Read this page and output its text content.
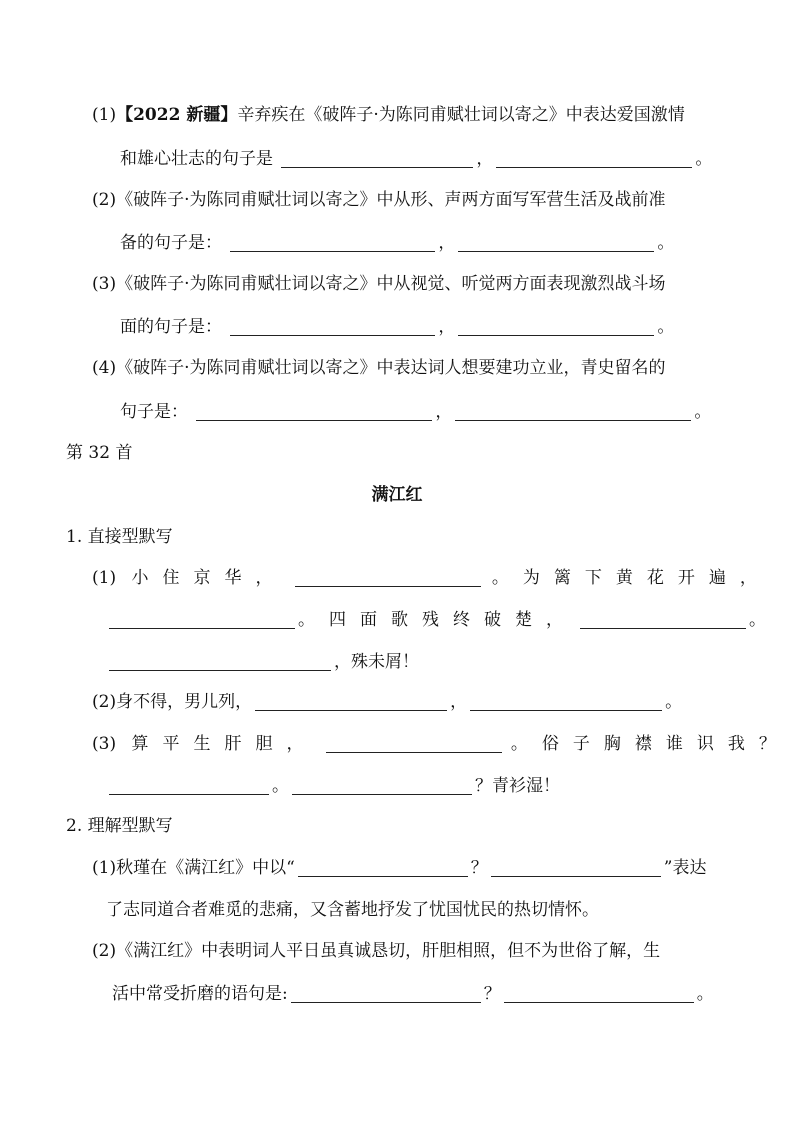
(1)【2022 新疆】辛弃疾在《破阵子·为陈同甫赋壮词以寄之》中表达爱国激情
和雄心壮志的句子是	，	。
(2)《破阵子·为陈同甫赋壮词以寄之》中从形、声两方面写军营生活及战前准
备的句子是：	，	。
(3)《破阵子·为陈同甫赋壮词以寄之》中从视觉、听觉两方面表现激烈战斗场
面的句子是：	，	。
(4)《破阵子·为陈同甫赋壮词以寄之》中表达词人想要建功立业，青史留名的
句子是：	，	。
第 32 首
满江红
1. 直接型默写
(1) 小住京华，	。为篱下黄花开遍，
。四面歌残终破楚，	。
，殊未屑！
(2)身不得，男儿列，	，	。
(3) 算平生肝胆，	。俗子胸襟谁识我？
。	？青衫湿！
2. 理解型默写
(1)秋瑾在《满江红》中以“	？	”表达
了志同道合者难觅的悲痛，又含蓄地抒发了忧国忧民的热切情怀。
(2)《满江红》中表明词人平日虽真诚恳切，肝胆相照，但不为世俗了解，生
活中常受折磨的语句是:	？	。
